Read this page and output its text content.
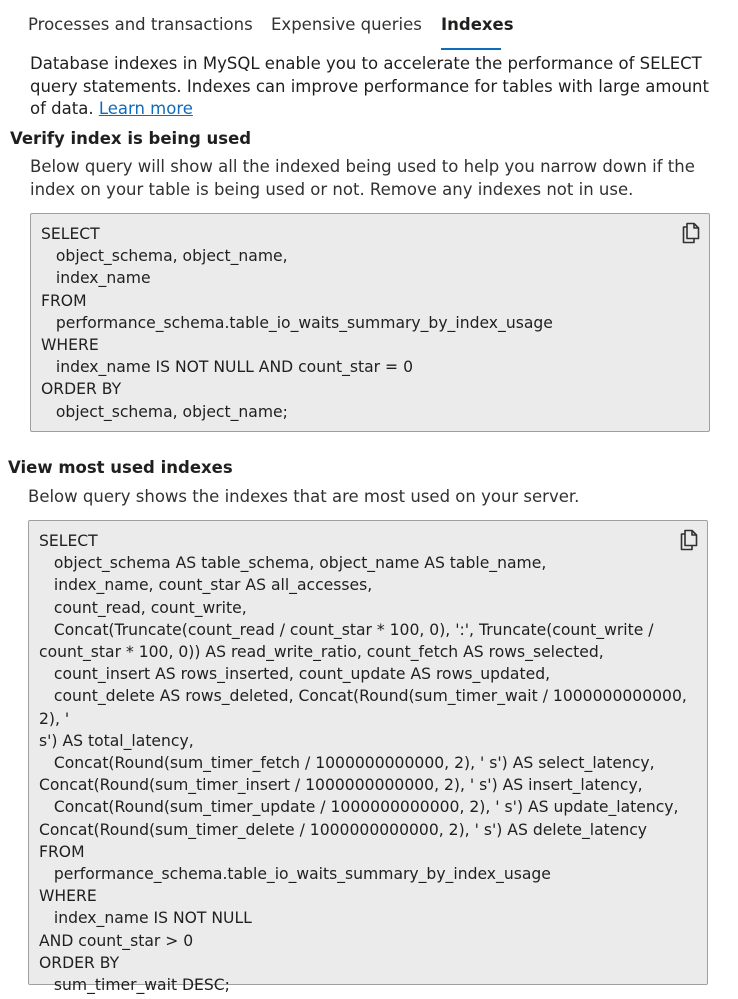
Processes and transactions Expensive queries Indexes

Database indexes in MySQL enable you to accelerate the performance of SELECT query statements. Indexes can improve performance for tables with large amount of data. Learn more

Verify index is being used

Below query will show all the indexed being used to help you narrow down if the index on your table is being used or not. Remove any indexes not in use.

SELECT
object_schema, object_name,
index_name
FROM
performance_schema.table_io_waits_summary_by_index_usage
WHERE
index_name IS NOT NULL AND count_star = 0
ORDER BY
object_schema, object_name;
View most used indexes

Below query shows the indexes that are most used on your server.

SELECT
object_schema AS table_schema, object_name AS table_name,
index_name, count_star AS all_accesses,
count_read, count_write,
Concat(Truncate(count_read / count_star * 100, 0), ':', Truncate(count_write /
count_star * 100, 0)) AS read_write_ratio, count_fetch AS rows_selected,
count_insert AS rows_inserted, count_update AS rows_updated,
count_delete AS rows_deleted, Concat(Round(sum_timer_wait / 1000000000000, 2), '
s') AS total_latency,
Concat(Round(sum_timer_fetch / 1000000000000, 2), ' s') AS select_latency,
Concat(Round(sum_timer_insert / 1000000000000, 2), ' s') AS insert_latency,
Concat(Round(sum_timer_update / 1000000000000, 2), ' s') AS update_latency,
Concat(Round(sum_timer_delete / 1000000000000, 2), ' s') AS delete_latency
FROM
performance_schema.table_io_waits_summary_by_index_usage
WHERE
index_name IS NOT NULL
AND count_star > 0
ORDER BY
sum_timer_wait DESC;
